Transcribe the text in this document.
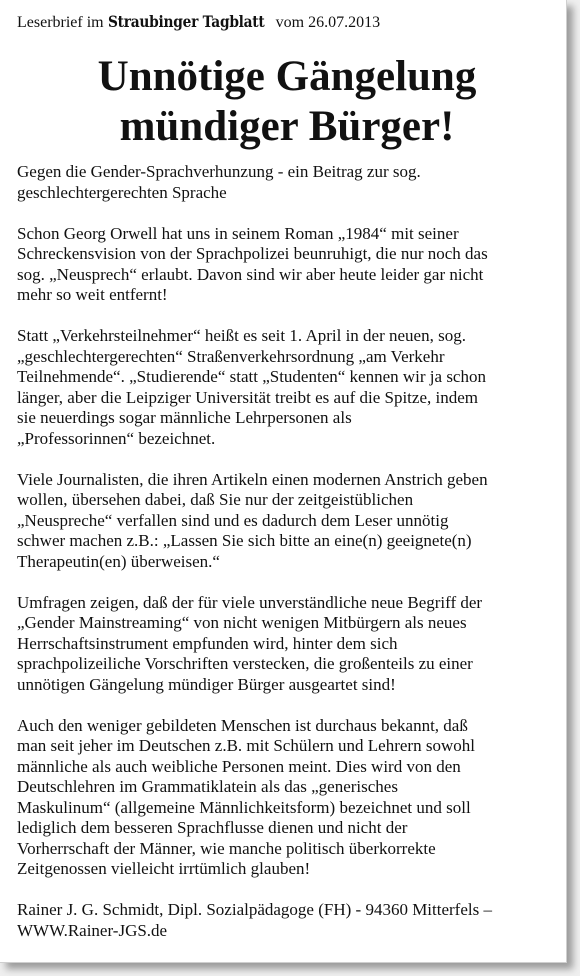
Leserbrief im Straubinger Tagblatt vom 26.07.2013
Unnötige Gängelung
mündiger Bürger!

Gegen die Gender-Sprachverhunzung - ein Beitrag zur sog.
geschlechtergerechten Sprache

Schon Georg Orwell hat uns in seinem Roman „1984“ mit seiner
Schreckensvision von der Sprachpolizei beunruhigt, die nur noch das
sog. „Neusprech“ erlaubt. Davon sind wir aber heute leider gar nicht
mehr so weit entfernt!

Statt „Verkehrsteilnehmer“ heißt es seit 1. April in der neuen, sog.
„geschlechtergerechten“ Straßenverkehrsordnung „am Verkehr
Teilnehmende“. „Studierende“ statt „Studenten“ kennen wir ja schon
länger, aber die Leipziger Universität treibt es auf die Spitze, indem
sie neuerdings sogar männliche Lehrpersonen als
„Professorinnen“ bezeichnet.

Viele Journalisten, die ihren Artikeln einen modernen Anstrich geben
wollen, übersehen dabei, daß Sie nur der zeitgeistüblichen
„Neuspreche“ verfallen sind und es dadurch dem Leser unnötig
schwer machen z.B.: „Lassen Sie sich bitte an eine(n) geeignete(n)
Therapeutin(en) überweisen.“

Umfragen zeigen, daß der für viele unverständliche neue Begriff der
„Gender Mainstreaming“ von nicht wenigen Mitbürgern als neues
Herrschaftsinstrument empfunden wird, hinter dem sich
sprachpolizeiliche Vorschriften verstecken, die großenteils zu einer
unnötigen Gängelung mündiger Bürger ausgeartet sind!

Auch den weniger gebildeten Menschen ist durchaus bekannt, daß
man seit jeher im Deutschen z.B. mit Schülern und Lehrern sowohl
männliche als auch weibliche Personen meint. Dies wird von den
Deutschlehren im Grammatiklatein als das „generisches
Maskulinum“ (allgemeine Männlichkeitsform) bezeichnet und soll
lediglich dem besseren Sprachflusse dienen und nicht der
Vorherrschaft der Männer, wie manche politisch überkorrekte
Zeitgenossen vielleicht irrtümlich glauben!

Rainer J. G. Schmidt, Dipl. Sozialpädagoge (FH) - 94360 Mitterfels –
WWW.Rainer-JGS.de
